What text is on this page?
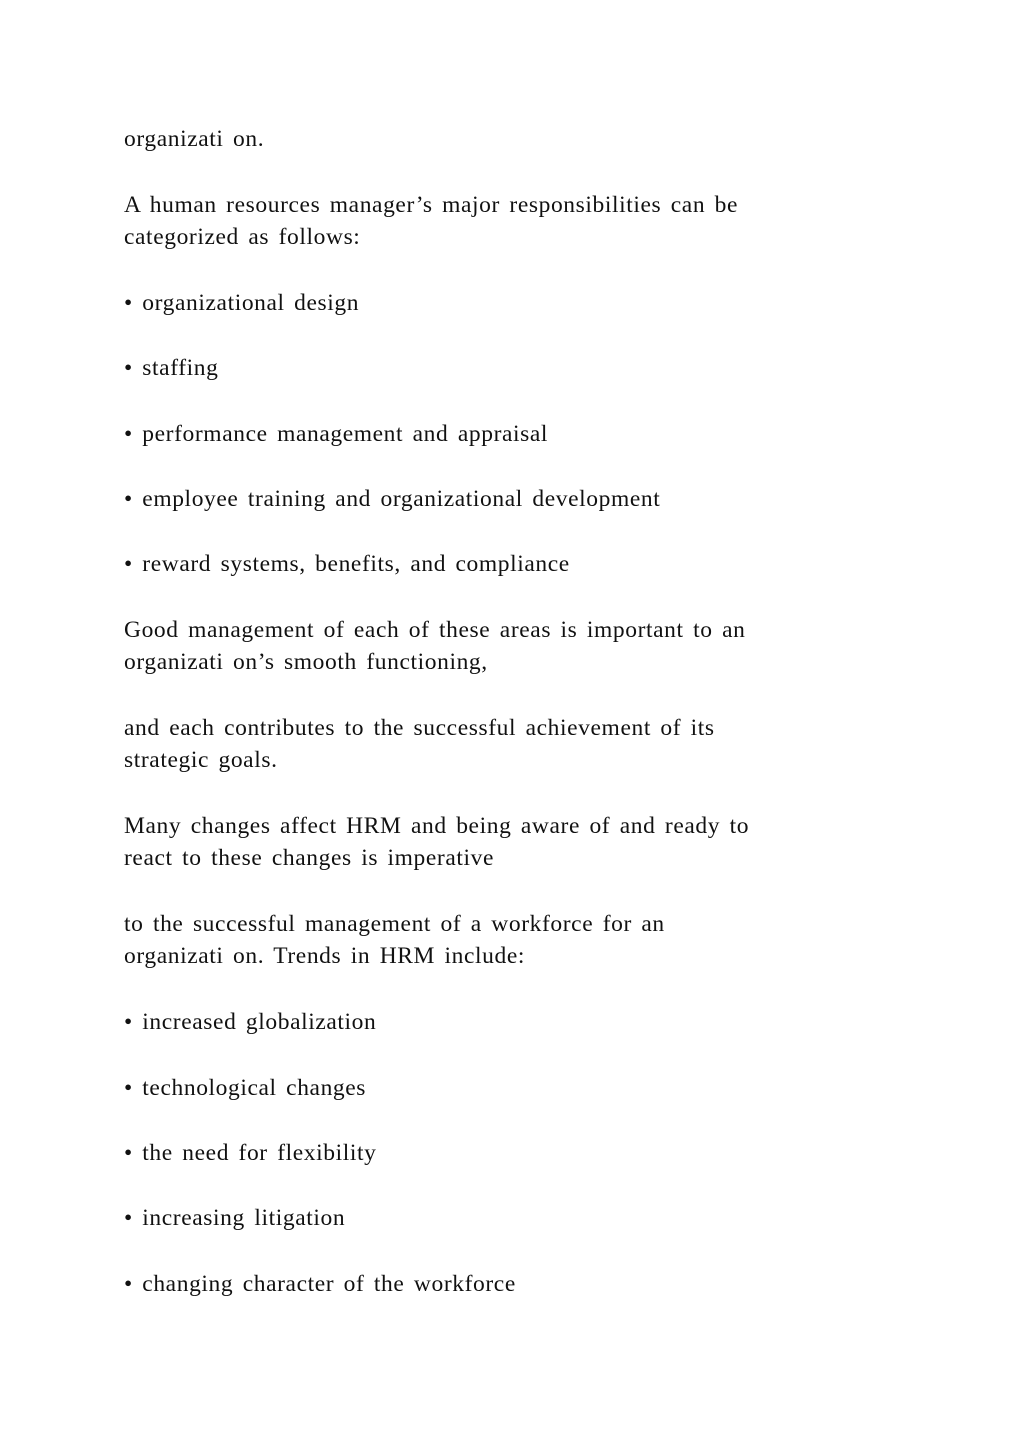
organizati on.

A human resources manager’s major responsibilities can be

categorized as follows:

• organizational design

• staffing

• performance management and appraisal

• employee training and organizational development

• reward systems, benefits, and compliance

Good management of each of these areas is important to an

organizati on’s smooth functioning,

and each contributes to the successful achievement of its

strategic goals.

Many changes affect HRM and being aware of and ready to

react to these changes is imperative

to the successful management of a workforce for an

organizati on. Trends in HRM include:

• increased globalization

• technological changes

• the need for flexibility

• increasing litigation

• changing character of the workforce
